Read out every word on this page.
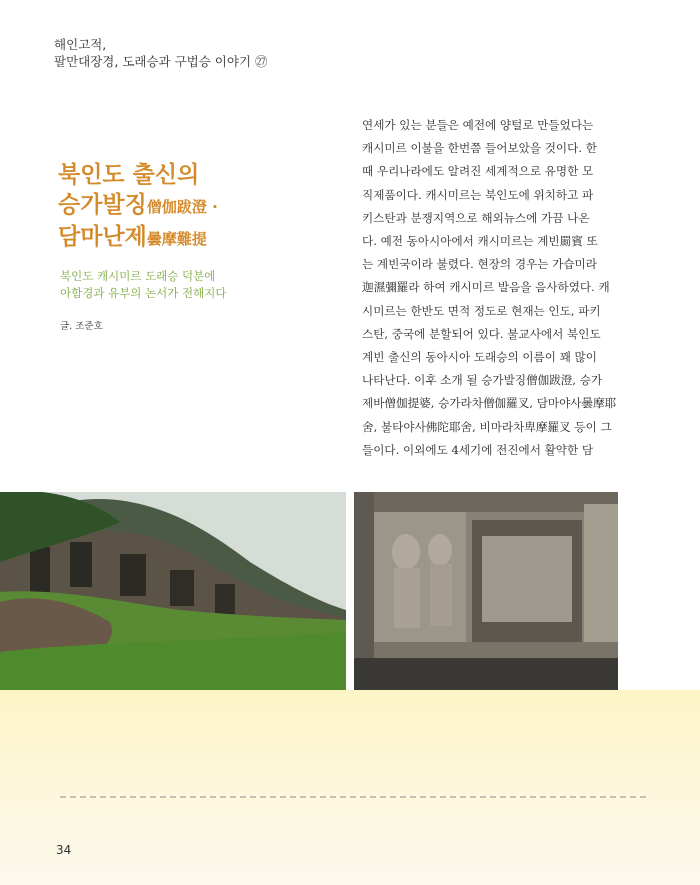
해인고적,
팔만대장경, 도래승과 구법승 이야기 ㉗
북인도 출신의
승가발징僧伽跋澄 ·
담마난제曇摩難提
북인도 캐시미르 도래승 덕분에
아함경과 유부의 논서가 전해지다
글. 조준호
연세가 있는 분들은 예전에 양털로 만들었다는
캐시미르 이불을 한번쯤 들어보았을 것이다. 한
때 우리나라에도 알려진 세계적으로 유명한 모
직제품이다. 캐시미르는 북인도에 위치하고 파
키스탄과 분쟁지역으로 해외뉴스에 가끔 나온
다. 예전 동아시아에서 캐시미르는 계빈罽賓 또
는 계빈국이라 불렸다. 현장의 경우는 가습미라
迦濕彌羅라 하여 캐시미르 발음을 음사하였다. 캐
시미르는 한반도 면적 정도로 현재는 인도, 파키
스탄, 중국에 분할되어 있다. 불교사에서 북인도
계빈 출신의 동아시아 도래승의 이름이 꽤 많이
나타난다. 이후 소개 될 승가발징僧伽跋澄, 승가
제바僧伽提婆, 승가라차僧伽羅叉, 담마야사曇摩耶
舍, 불타야사佛陀耶舍, 비마라차卑摩羅叉 등이 그
들이다. 이외에도 4세기에 전진에서 활약한 담
34
